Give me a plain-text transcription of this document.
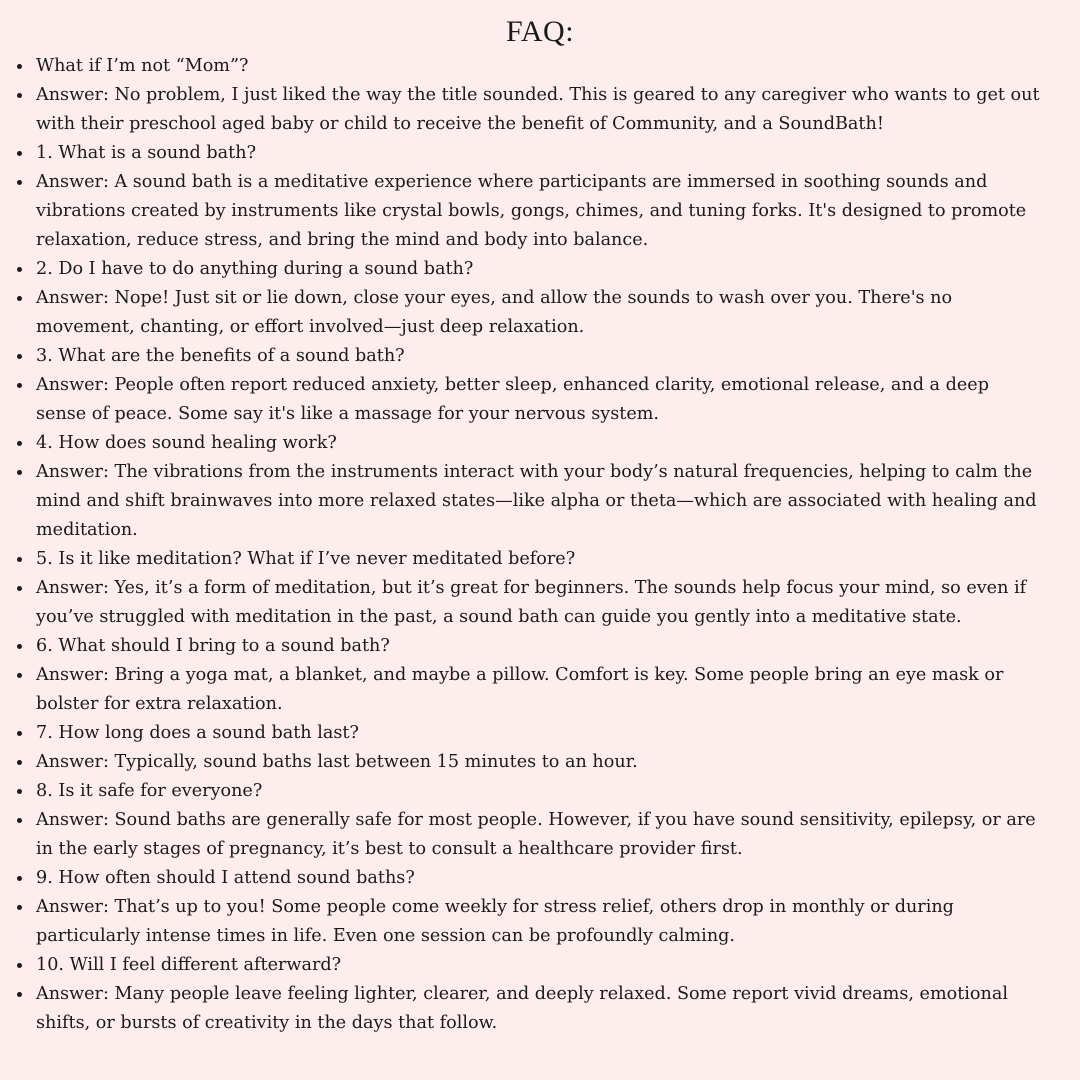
FAQ:
What if I’m not “Mom”?
Answer: No problem, I just liked the way the title sounded. This is geared to any caregiver who wants to get out with their preschool aged baby or child to receive the benefit of Community, and a SoundBath!
1. What is a sound bath?
Answer: A sound bath is a meditative experience where participants are immersed in soothing sounds and vibrations created by instruments like crystal bowls, gongs, chimes, and tuning forks. It's designed to promote relaxation, reduce stress, and bring the mind and body into balance.
2. Do I have to do anything during a sound bath?
Answer: Nope! Just sit or lie down, close your eyes, and allow the sounds to wash over you. There's no movement, chanting, or effort involved—just deep relaxation.
3. What are the benefits of a sound bath?
Answer: People often report reduced anxiety, better sleep, enhanced clarity, emotional release, and a deep sense of peace. Some say it's like a massage for your nervous system.
4. How does sound healing work?
Answer: The vibrations from the instruments interact with your body’s natural frequencies, helping to calm the mind and shift brainwaves into more relaxed states—like alpha or theta—which are associated with healing and meditation.
5. Is it like meditation? What if I’ve never meditated before?
Answer: Yes, it’s a form of meditation, but it’s great for beginners. The sounds help focus your mind, so even if you’ve struggled with meditation in the past, a sound bath can guide you gently into a meditative state.
6. What should I bring to a sound bath?
Answer: Bring a yoga mat, a blanket, and maybe a pillow. Comfort is key. Some people bring an eye mask or bolster for extra relaxation.
7. How long does a sound bath last?
Answer: Typically, sound baths last between 15 minutes to an hour.
8. Is it safe for everyone?
Answer: Sound baths are generally safe for most people. However, if you have sound sensitivity, epilepsy, or are in the early stages of pregnancy, it’s best to consult a healthcare provider first.
9. How often should I attend sound baths?
Answer: That’s up to you! Some people come weekly for stress relief, others drop in monthly or during particularly intense times in life. Even one session can be profoundly calming.
10. Will I feel different afterward?
Answer: Many people leave feeling lighter, clearer, and deeply relaxed. Some report vivid dreams, emotional shifts, or bursts of creativity in the days that follow.
